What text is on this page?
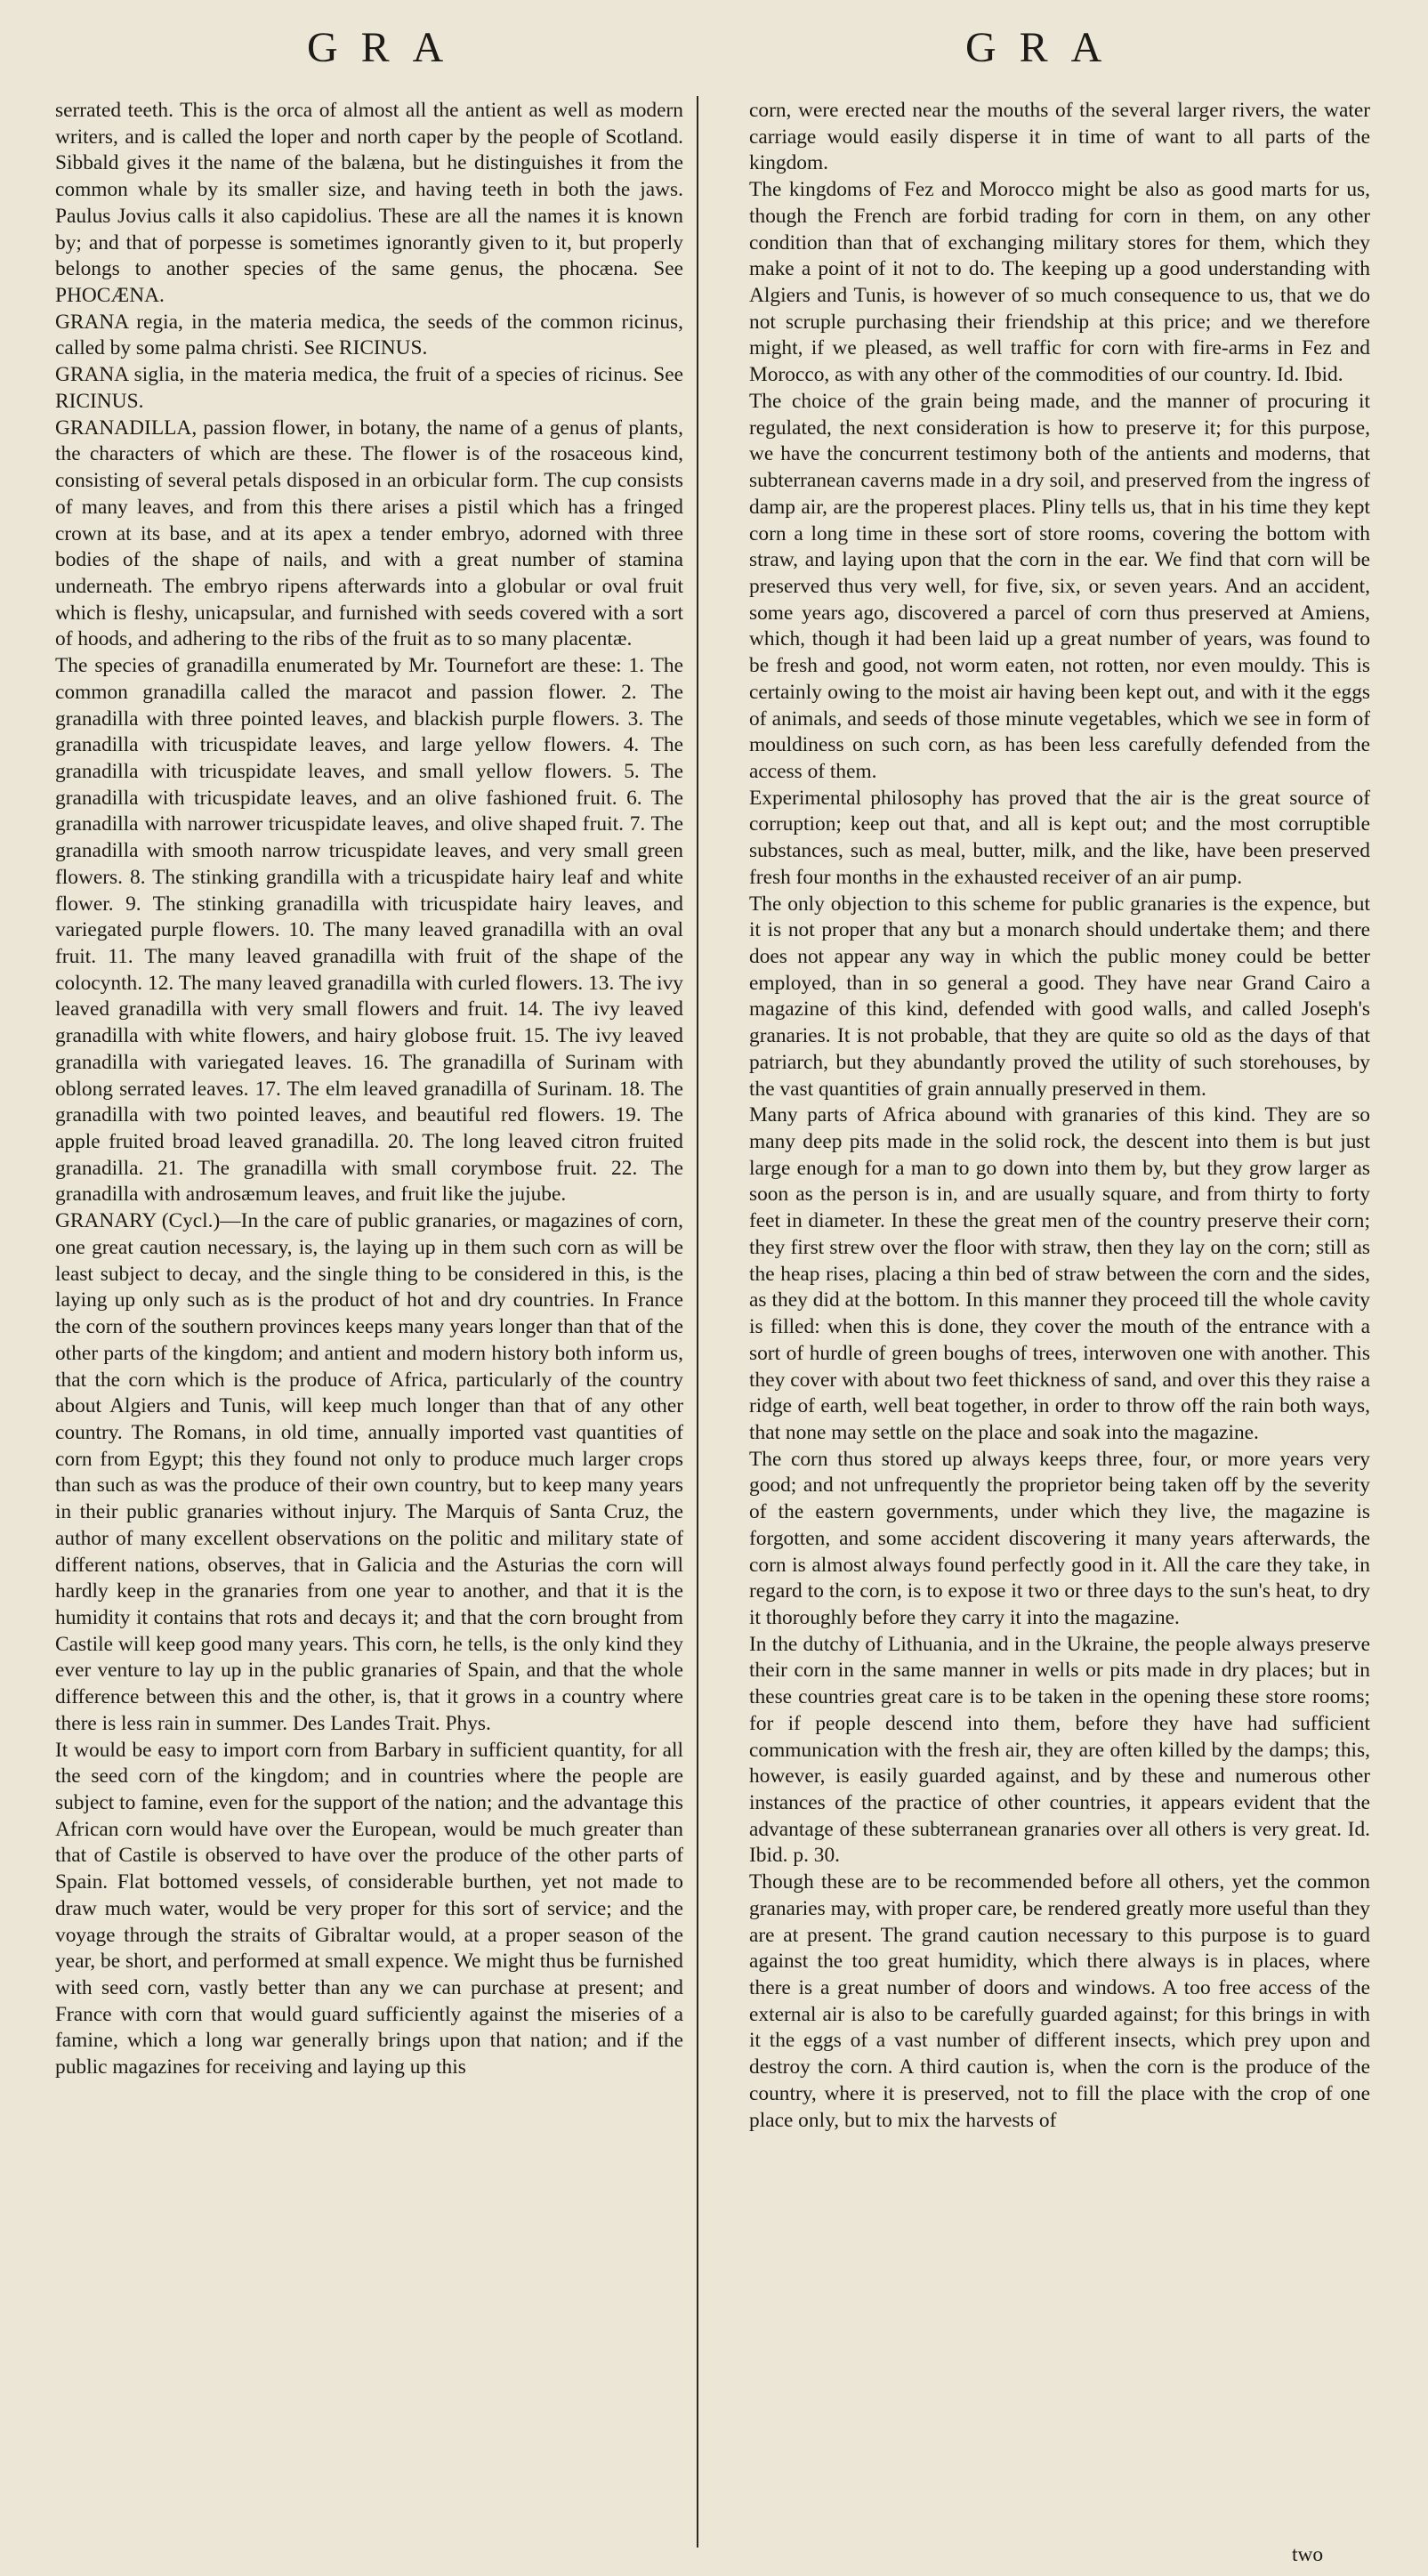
GRA	GRA

serrated teeth. This is the orca of almost all the antient as well as modern writers, and is called the loper and north caper by the people of Scotland. Sibbald gives it the name of the balæna, but he distinguishes it from the common whale by its smaller size, and having teeth in both the jaws. Paulus Jovius calls it also capidolius. These are all the names it is known by; and that of porpesse is sometimes ignorantly given to it, but properly belongs to another species of the same genus, the phocæna. See PHOCÆNA.

GRANA regia, in the materia medica, the seeds of the common ricinus, called by some palma christi. See RICINUS.

GRANA siglia, in the materia medica, the fruit of a species of ricinus. See RICINUS.

GRANADILLA, passion flower, in botany, the name of a genus of plants, the characters of which are these. The flower is of the rosaceous kind, consisting of several petals disposed in an orbicular form. The cup consists of many leaves, and from this there arises a pistil which has a fringed crown at its base, and at its apex a tender embryo, adorned with three bodies of the shape of nails, and with a great number of stamina underneath. The embryo ripens afterwards into a globular or oval fruit which is fleshy, unicapsular, and furnished with seeds covered with a sort of hoods, and adhering to the ribs of the fruit as to so many placentæ.

The species of granadilla enumerated by Mr. Tournefort are these: 1. The common granadilla called the maracot and passion flower. 2. The granadilla with three pointed leaves, and blackish purple flowers. 3. The granadilla with tricuspidate leaves, and large yellow flowers. 4. The granadilla with tricuspidate leaves, and small yellow flowers. 5. The granadilla with tricuspidate leaves, and an olive fashioned fruit. 6. The granadilla with narrower tricuspidate leaves, and olive shaped fruit. 7. The granadilla with smooth narrow tricuspidate leaves, and very small green flowers. 8. The stinking grandilla with a tricuspidate hairy leaf and white flower. 9. The stinking granadilla with tricuspidate hairy leaves, and variegated purple flowers. 10. The many leaved granadilla with an oval fruit. 11. The many leaved granadilla with fruit of the shape of the colocynth. 12. The many leaved granadilla with curled flowers. 13. The ivy leaved granadilla with very small flowers and fruit. 14. The ivy leaved granadilla with white flowers, and hairy globose fruit. 15. The ivy leaved granadilla with variegated leaves. 16. The granadilla of Surinam with oblong serrated leaves. 17. The elm leaved granadilla of Surinam. 18. The granadilla with two pointed leaves, and beautiful red flowers. 19. The apple fruited broad leaved granadilla. 20. The long leaved citron fruited granadilla. 21. The granadilla with small corymbose fruit. 22. The granadilla with androsæmum leaves, and fruit like the jujube.

GRANARY (Cycl.)—In the care of public granaries, or magazines of corn, one great caution necessary, is, the laying up in them such corn as will be least subject to decay, and the single thing to be considered in this, is the laying up only such as is the product of hot and dry countries. In France the corn of the southern provinces keeps many years longer than that of the other parts of the kingdom; and antient and modern history both inform us, that the corn which is the produce of Africa, particularly of the country about Algiers and Tunis, will keep much longer than that of any other country. The Romans, in old time, annually imported vast quantities of corn from Egypt; this they found not only to produce much larger crops than such as was the produce of their own country, but to keep many years in their public granaries without injury. The Marquis of Santa Cruz, the author of many excellent observations on the politic and military state of different nations, observes, that in Galicia and the Asturias the corn will hardly keep in the granaries from one year to another, and that it is the humidity it contains that rots and decays it; and that the corn brought from Castile will keep good many years. This corn, he tells, is the only kind they ever venture to lay up in the public granaries of Spain, and that the whole difference between this and the other, is, that it grows in a country where there is less rain in summer. Des Landes Trait. Phys.

It would be easy to import corn from Barbary in sufficient quantity, for all the seed corn of the kingdom; and in countries where the people are subject to famine, even for the support of the nation; and the advantage this African corn would have over the European, would be much greater than that of Castile is observed to have over the produce of the other parts of Spain. Flat bottomed vessels, of considerable burthen, yet not made to draw much water, would be very proper for this sort of service; and the voyage through the straits of Gibraltar would, at a proper season of the year, be short, and performed at small expence. We might thus be furnished with seed corn, vastly better than any we can purchase at present; and France with corn that would guard sufficiently against the miseries of a famine, which a long war generally brings upon that nation; and if the public magazines for receiving and laying up this

corn, were erected near the mouths of the several larger rivers, the water carriage would easily disperse it in time of want to all parts of the kingdom.

The kingdoms of Fez and Morocco might be also as good marts for us, though the French are forbid trading for corn in them, on any other condition than that of exchanging military stores for them, which they make a point of it not to do. The keeping up a good understanding with Algiers and Tunis, is however of so much consequence to us, that we do not scruple purchasing their friendship at this price; and we therefore might, if we pleased, as well traffic for corn with fire-arms in Fez and Morocco, as with any other of the commodities of our country. Id. Ibid.

The choice of the grain being made, and the manner of procuring it regulated, the next consideration is how to preserve it; for this purpose, we have the concurrent testimony both of the antients and moderns, that subterranean caverns made in a dry soil, and preserved from the ingress of damp air, are the properest places. Pliny tells us, that in his time they kept corn a long time in these sort of store rooms, covering the bottom with straw, and laying upon that the corn in the ear. We find that corn will be preserved thus very well, for five, six, or seven years. And an accident, some years ago, discovered a parcel of corn thus preserved at Amiens, which, though it had been laid up a great number of years, was found to be fresh and good, not worm eaten, not rotten, nor even mouldy. This is certainly owing to the moist air having been kept out, and with it the eggs of animals, and seeds of those minute vegetables, which we see in form of mouldiness on such corn, as has been less carefully defended from the access of them.

Experimental philosophy has proved that the air is the great source of corruption; keep out that, and all is kept out; and the most corruptible substances, such as meal, butter, milk, and the like, have been preserved fresh four months in the exhausted receiver of an air pump.

The only objection to this scheme for public granaries is the expence, but it is not proper that any but a monarch should undertake them; and there does not appear any way in which the public money could be better employed, than in so general a good. They have near Grand Cairo a magazine of this kind, defended with good walls, and called Joseph's granaries. It is not probable, that they are quite so old as the days of that patriarch, but they abundantly proved the utility of such storehouses, by the vast quantities of grain annually preserved in them.

Many parts of Africa abound with granaries of this kind. They are so many deep pits made in the solid rock, the descent into them is but just large enough for a man to go down into them by, but they grow larger as soon as the person is in, and are usually square, and from thirty to forty feet in diameter. In these the great men of the country preserve their corn; they first strew over the floor with straw, then they lay on the corn; still as the heap rises, placing a thin bed of straw between the corn and the sides, as they did at the bottom. In this manner they proceed till the whole cavity is filled: when this is done, they cover the mouth of the entrance with a sort of hurdle of green boughs of trees, interwoven one with another. This they cover with about two feet thickness of sand, and over this they raise a ridge of earth, well beat together, in order to throw off the rain both ways, that none may settle on the place and soak into the magazine.

The corn thus stored up always keeps three, four, or more years very good; and not unfrequently the proprietor being taken off by the severity of the eastern governments, under which they live, the magazine is forgotten, and some accident discovering it many years afterwards, the corn is almost always found perfectly good in it. All the care they take, in regard to the corn, is to expose it two or three days to the sun's heat, to dry it thoroughly before they carry it into the magazine.

In the dutchy of Lithuania, and in the Ukraine, the people always preserve their corn in the same manner in wells or pits made in dry places; but in these countries great care is to be taken in the opening these store rooms; for if people descend into them, before they have had sufficient communication with the fresh air, they are often killed by the damps; this, however, is easily guarded against, and by these and numerous other instances of the practice of other countries, it appears evident that the advantage of these subterranean granaries over all others is very great. Id. Ibid. p. 30.

Though these are to be recommended before all others, yet the common granaries may, with proper care, be rendered greatly more useful than they are at present. The grand caution necessary to this purpose is to guard against the too great humidity, which there always is in places, where there is a great number of doors and windows. A too free access of the external air is also to be carefully guarded against; for this brings in with it the eggs of a vast number of different insects, which prey upon and destroy the corn. A third caution is, when the corn is the produce of the country, where it is preserved, not to fill the place with the crop of one place only, but to mix the harvests of

two
